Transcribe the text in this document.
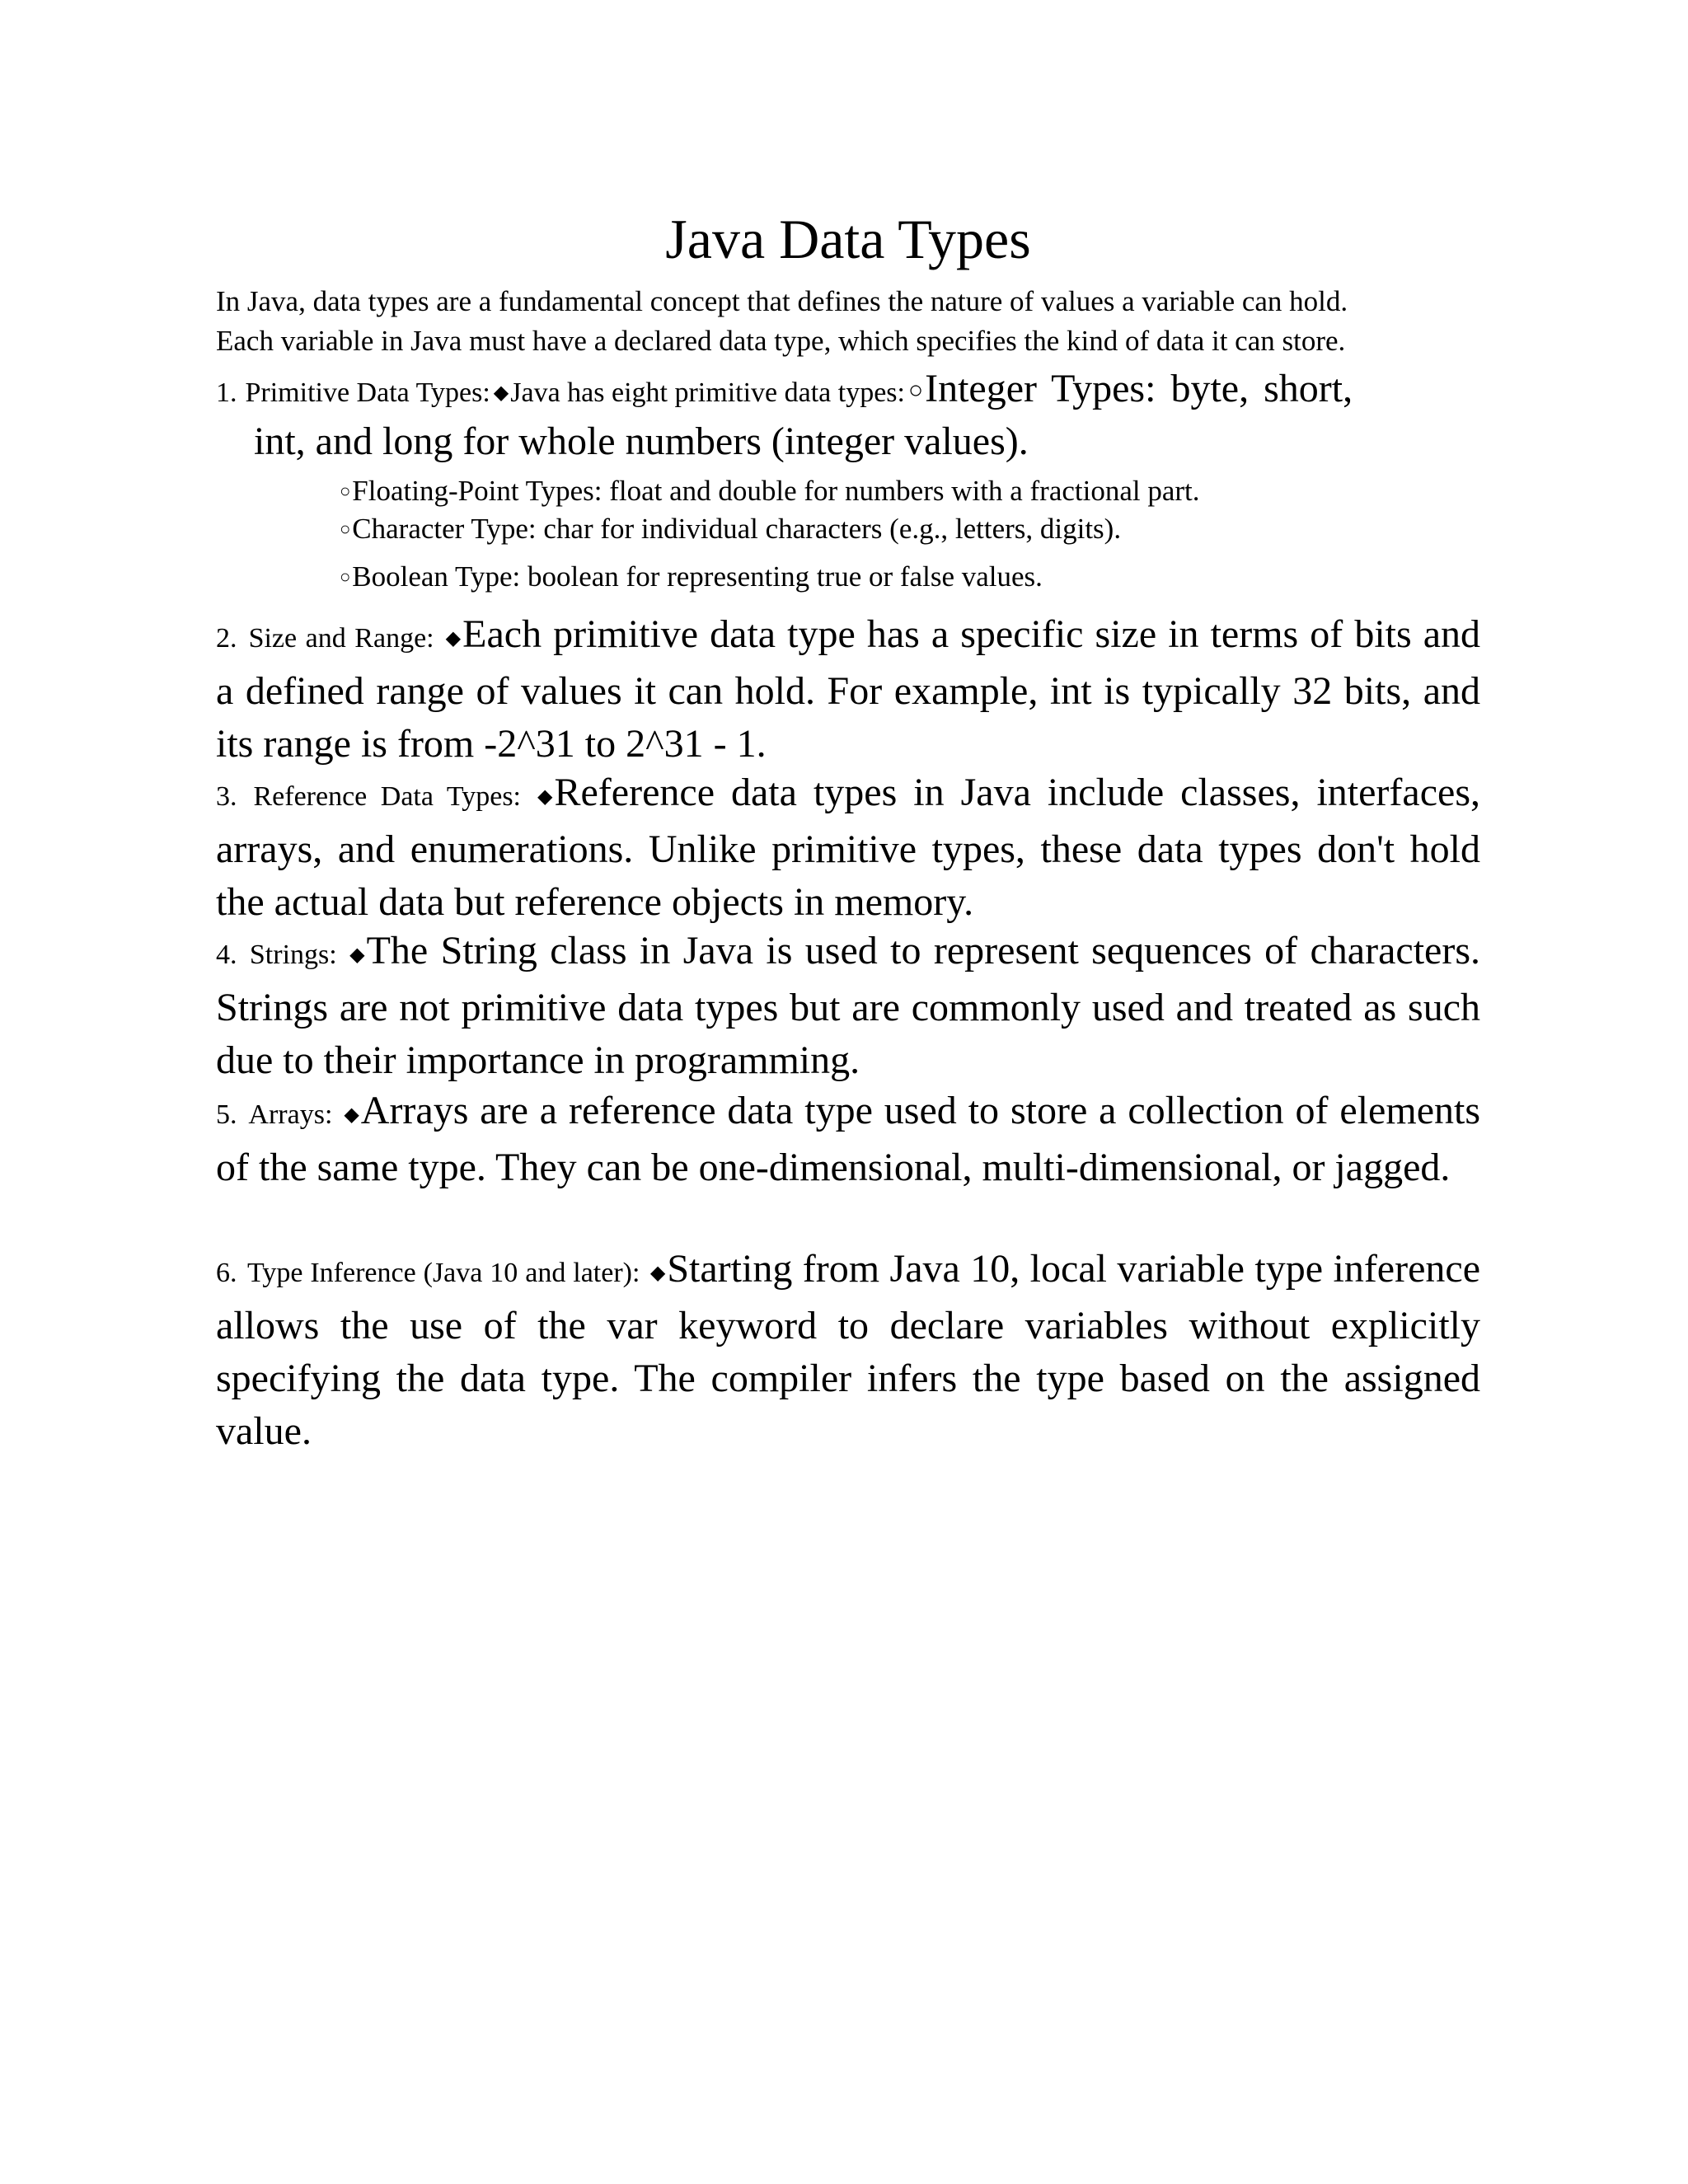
Java Data Types
In Java, data types are a fundamental concept that defines the nature of values a variable can hold.
Each variable in Java must have a declared data type, which specifies the kind of data it can store.
1. Primitive Data Types: ◆Java has eight primitive data types: ○Integer Types: byte, short,
int, and long for whole numbers (integer values).
○Floating-Point Types: float and double for numbers with a fractional part.
○Character Type: char for individual characters (e.g., letters, digits).
○Boolean Type: boolean for representing true or false values.
2. Size and Range: ◆Each primitive data type has a specific size in terms of bits and a defined range of values it can hold. For example, int is typically 32 bits, and its range is from -2^31 to 2^31 - 1.
3. Reference Data Types: ◆Reference data types in Java include classes, interfaces, arrays, and enumerations. Unlike primitive types, these data types don't hold the actual data but reference objects in memory.
4. Strings: ◆The String class in Java is used to represent sequences of characters. Strings are not primitive data types but are commonly used and treated as such due to their importance in programming.
5. Arrays: ◆Arrays are a reference data type used to store a collection of elements of the same type. They can be one-dimensional, multi-dimensional, or jagged.
6. Type Inference (Java 10 and later): ◆Starting from Java 10, local variable type inference allows the use of the var keyword to declare variables without explicitly specifying the data type. The compiler infers the type based on the assigned value.
